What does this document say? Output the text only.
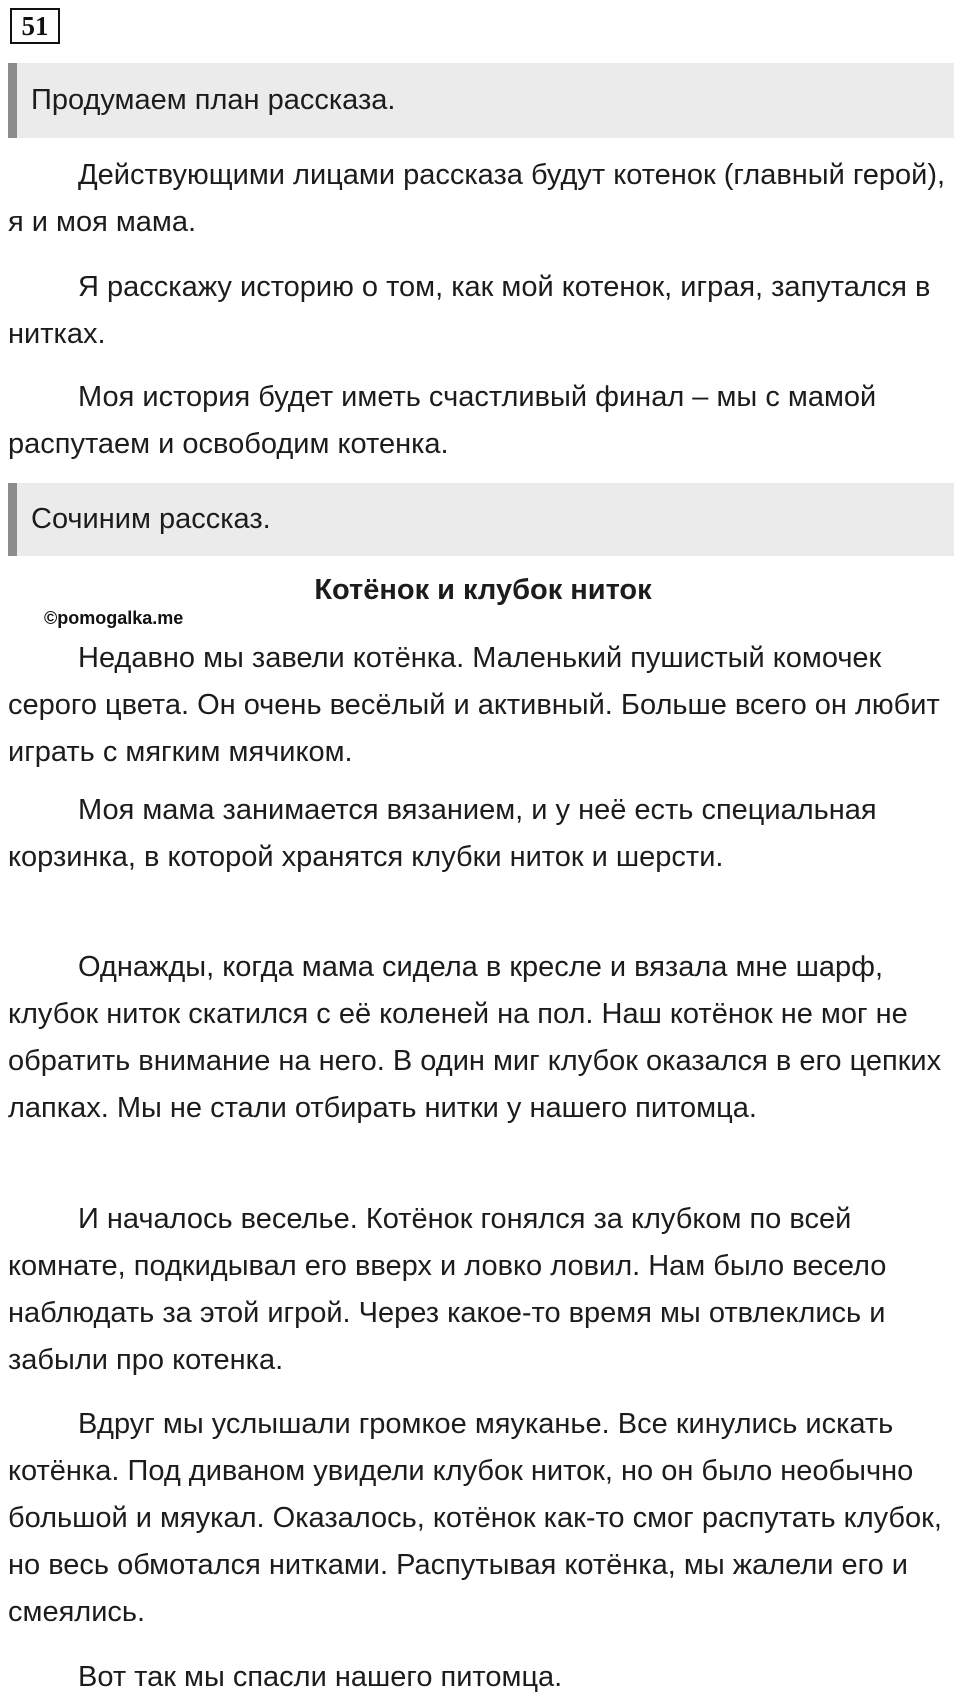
51
Продумаем план рассказа.

Действующими лицами рассказа будут котенок (главный герой), я и моя мама.

Я расскажу историю о том, как мой котенок, играя, запутался в нитках.

Моя история будет иметь счастливый финал – мы с мамой распутаем и освободим котенка.

Сочиним рассказ.
Котёнок и клубок ниток
©pomogalka.me

Недавно мы завели котёнка. Маленький пушистый комочек серого цвета. Он очень весёлый и активный. Больше всего он любит играть с мягким мячиком.

Моя мама занимается вязанием, и у неё есть специальная корзинка, в которой хранятся клубки ниток и шерсти.

Однажды, когда мама сидела в кресле и вязала мне шарф, клубок ниток скатился с её коленей на пол. Наш котёнок не мог не обратить внимание на него. В один миг клубок оказался в его цепких лапках. Мы не стали отбирать нитки у нашего питомца.

И началось веселье. Котёнок гонялся за клубком по всей комнате, подкидывал его вверх и ловко ловил. Нам было весело наблюдать за этой игрой. Через какое-то время мы отвлеклись и забыли про котенка.

Вдруг мы услышали громкое мяуканье. Все кинулись искать котёнка. Под диваном увидели клубок ниток, но он было необычно большой и мяукал. Оказалось, котёнок как-то смог распутать клубок, но весь обмотался нитками. Распутывая котёнка, мы жалели его и смеялись.

Вот так мы спасли нашего питомца.
